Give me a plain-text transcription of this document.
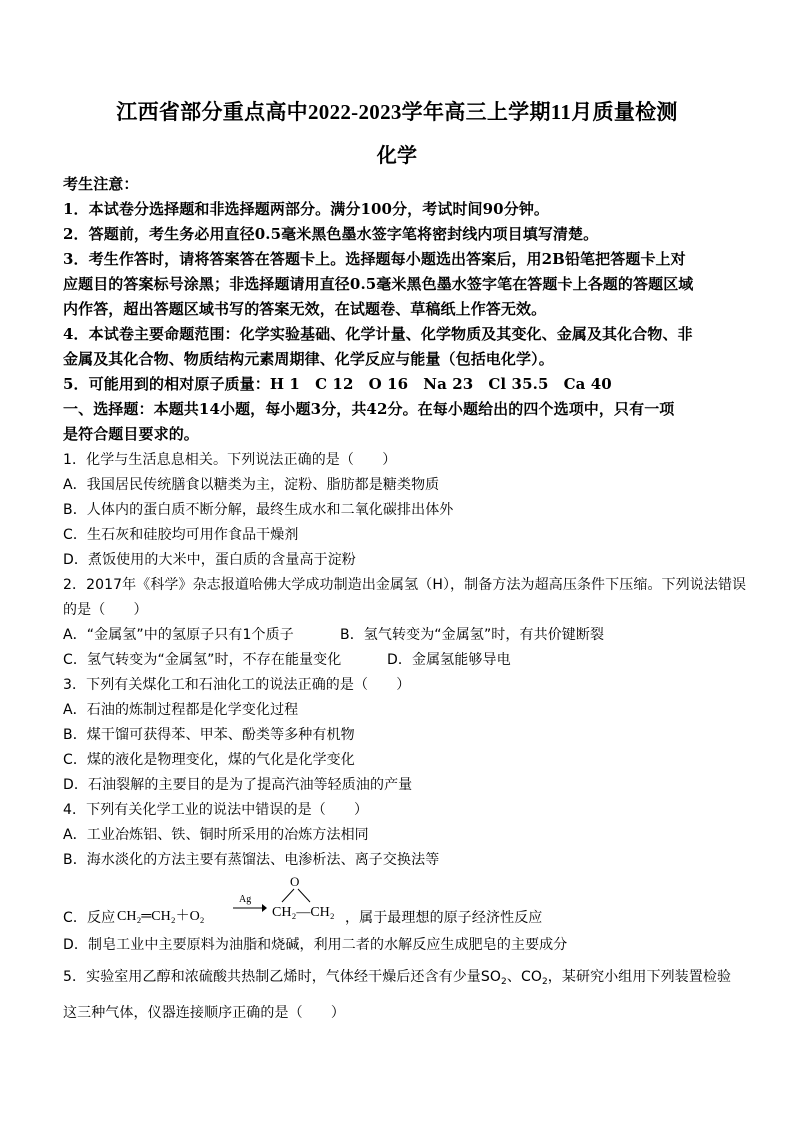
江西省部分重点高中2022-2023学年高三上学期11月质量检测
化学
考生注意：
1．本试卷分选择题和非选择题两部分。满分100分，考试时间90分钟。
2．答题前，考生务必用直径0.5毫米黑色墨水签字笔将密封线内项目填写清楚。
3．考生作答时，请将答案答在答题卡上。选择题每小题选出答案后，用2B铅笔把答题卡上对
应题目的答案标号涂黑；非选择题请用直径0.5毫米黑色墨水签字笔在答题卡上各题的答题区域
内作答，超出答题区域书写的答案无效，在试题卷、草稿纸上作答无效。
4．本试卷主要命题范围：化学实验基础、化学计量、化学物质及其变化、金属及其化合物、非
金属及其化合物、物质结构元素周期律、化学反应与能量（包括电化学）。
5．可能用到的相对原子质量：H 1　C 12　O 16　Na 23　Cl 35.5　Ca 40
一、选择题：本题共14小题，每小题3分，共42分。在每小题给出的四个选项中，只有一项
是符合题目要求的。
1．化学与生活息息相关。下列说法正确的是（　　）
A．我国居民传统膳食以糖类为主，淀粉、脂肪都是糖类物质
B．人体内的蛋白质不断分解，最终生成水和二氧化碳排出体外
C．生石灰和硅胶均可用作食品干燥剂
D．煮饭使用的大米中，蛋白质的含量高于淀粉
2．2017年《科学》杂志报道哈佛大学成功制造出金属氢（H），制备方法为超高压条件下压缩。下列说法错误
的是（　　）
A．“金属氢”中的氢原子只有1个质子	B．氢气转变为“金属氢”时，有共价键断裂
C．氢气转变为“金属氢”时，不存在能量变化	D．金属氢能够导电
3．下列有关煤化工和石油化工的说法正确的是（　　）
A．石油的炼制过程都是化学变化过程
B．煤干馏可获得苯、甲苯、酚类等多种有机物
C．煤的液化是物理变化，煤的气化是化学变化
D．石油裂解的主要目的是为了提高汽油等轻质油的产量
4．下列有关化学工业的说法中错误的是（　　）
A．工业冶炼铝、铁、铜时所采用的冶炼方法相同
B．海水淡化的方法主要有蒸馏法、电渗析法、离子交换法等
C．反应 CH₂═CH₂＋O₂
Ag
O
CH₂—CH₂ ，属于最理想的原子经济性反应
D．制皂工业中主要原料为油脂和烧碱，利用二者的水解反应生成肥皂的主要成分
5．实验室用乙醇和浓硫酸共热制乙烯时，气体经干燥后还含有少量$SO_2$、$CO_2$，某研究小组用下列装置检验
这三种气体，仪器连接顺序正确的是（　　）
